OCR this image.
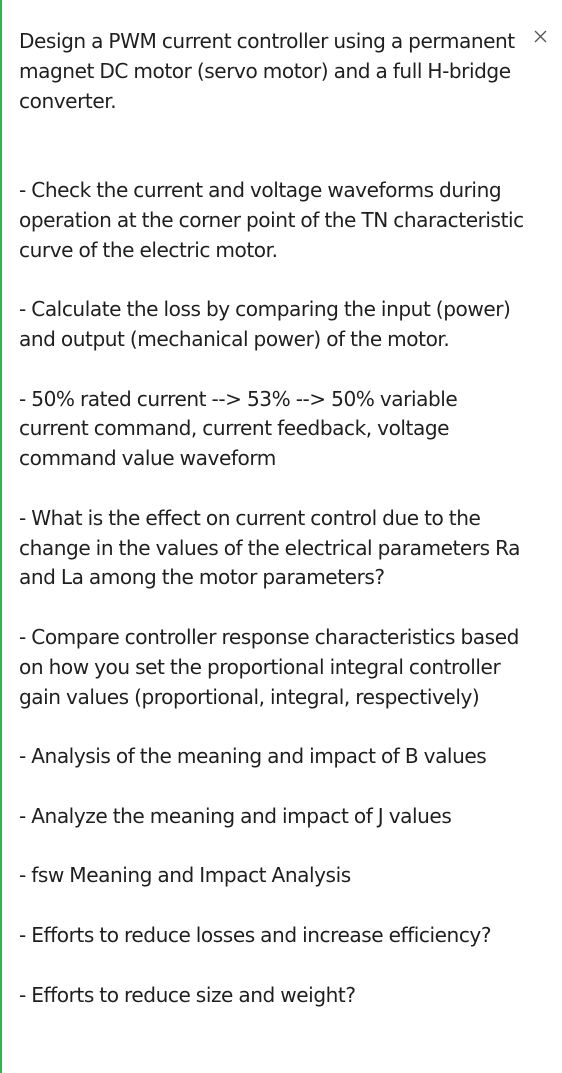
Design a PWM current controller using a permanent magnet DC motor (servo motor) and a full H-bridge converter.

- Check the current and voltage waveforms during operation at the corner point of the TN characteristic curve of the electric motor.

- Calculate the loss by comparing the input (power) and output (mechanical power) of the motor.

- 50% rated current --> 53% --> 50% variable current command, current feedback, voltage command value waveform

- What is the effect on current control due to the change in the values of the electrical parameters Ra and La among the motor parameters?

- Compare controller response characteristics based on how you set the proportional integral controller gain values (proportional, integral, respectively)

- Analysis of the meaning and impact of B values

- Analyze the meaning and impact of J values

- fsw Meaning and Impact Analysis

- Efforts to reduce losses and increase efficiency?

- Efforts to reduce size and weight?
